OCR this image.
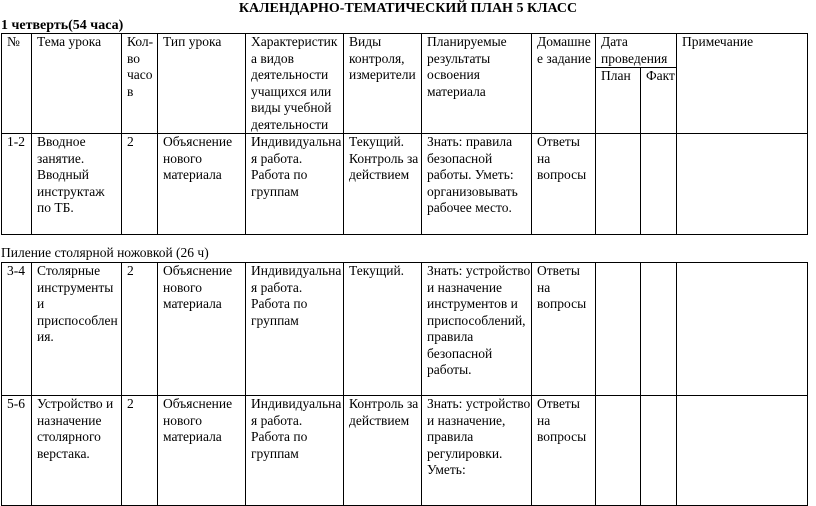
КАЛЕНДАРНО-ТЕМАТИЧЕСКИЙ ПЛАН 5 КЛАСС
1 четверть(54 часа)
№	Тема урока	Кол-во часов	Тип урока	Характеристика видов деятельности учащихся или виды учебной деятельности	Виды контроля, измерители	Планируемые результаты освоения материала	Домашнее задание	Дата проведения		Примечание
								План	Факт	
1-2	Вводное занятие. Вводный инструктаж по ТБ.	2	Объяснение нового материала	Индивидуальная работа. Работа по группам	Текущий. Контроль за действием	Знать: правила безопасной работы. Уметь: организовывать рабочее место.	Ответы на вопросы			
Пиление столярной ножовкой (26 ч)
3-4	Столярные инструменты и приспособления.	2	Объяснение нового материала	Индивидуальная работа. Работа по группам	Текущий.	Знать: устройство и назначение инструментов и приспособлений, правила безопасной работы.	Ответы на вопросы			
5-6	Устройство и назначение столярного верстака.	2	Объяснение нового материала	Индивидуальная работа. Работа по группам	Контроль за действием	Знать: устройство и назначение, правила регулировки. Уметь:	Ответы на вопросы			
